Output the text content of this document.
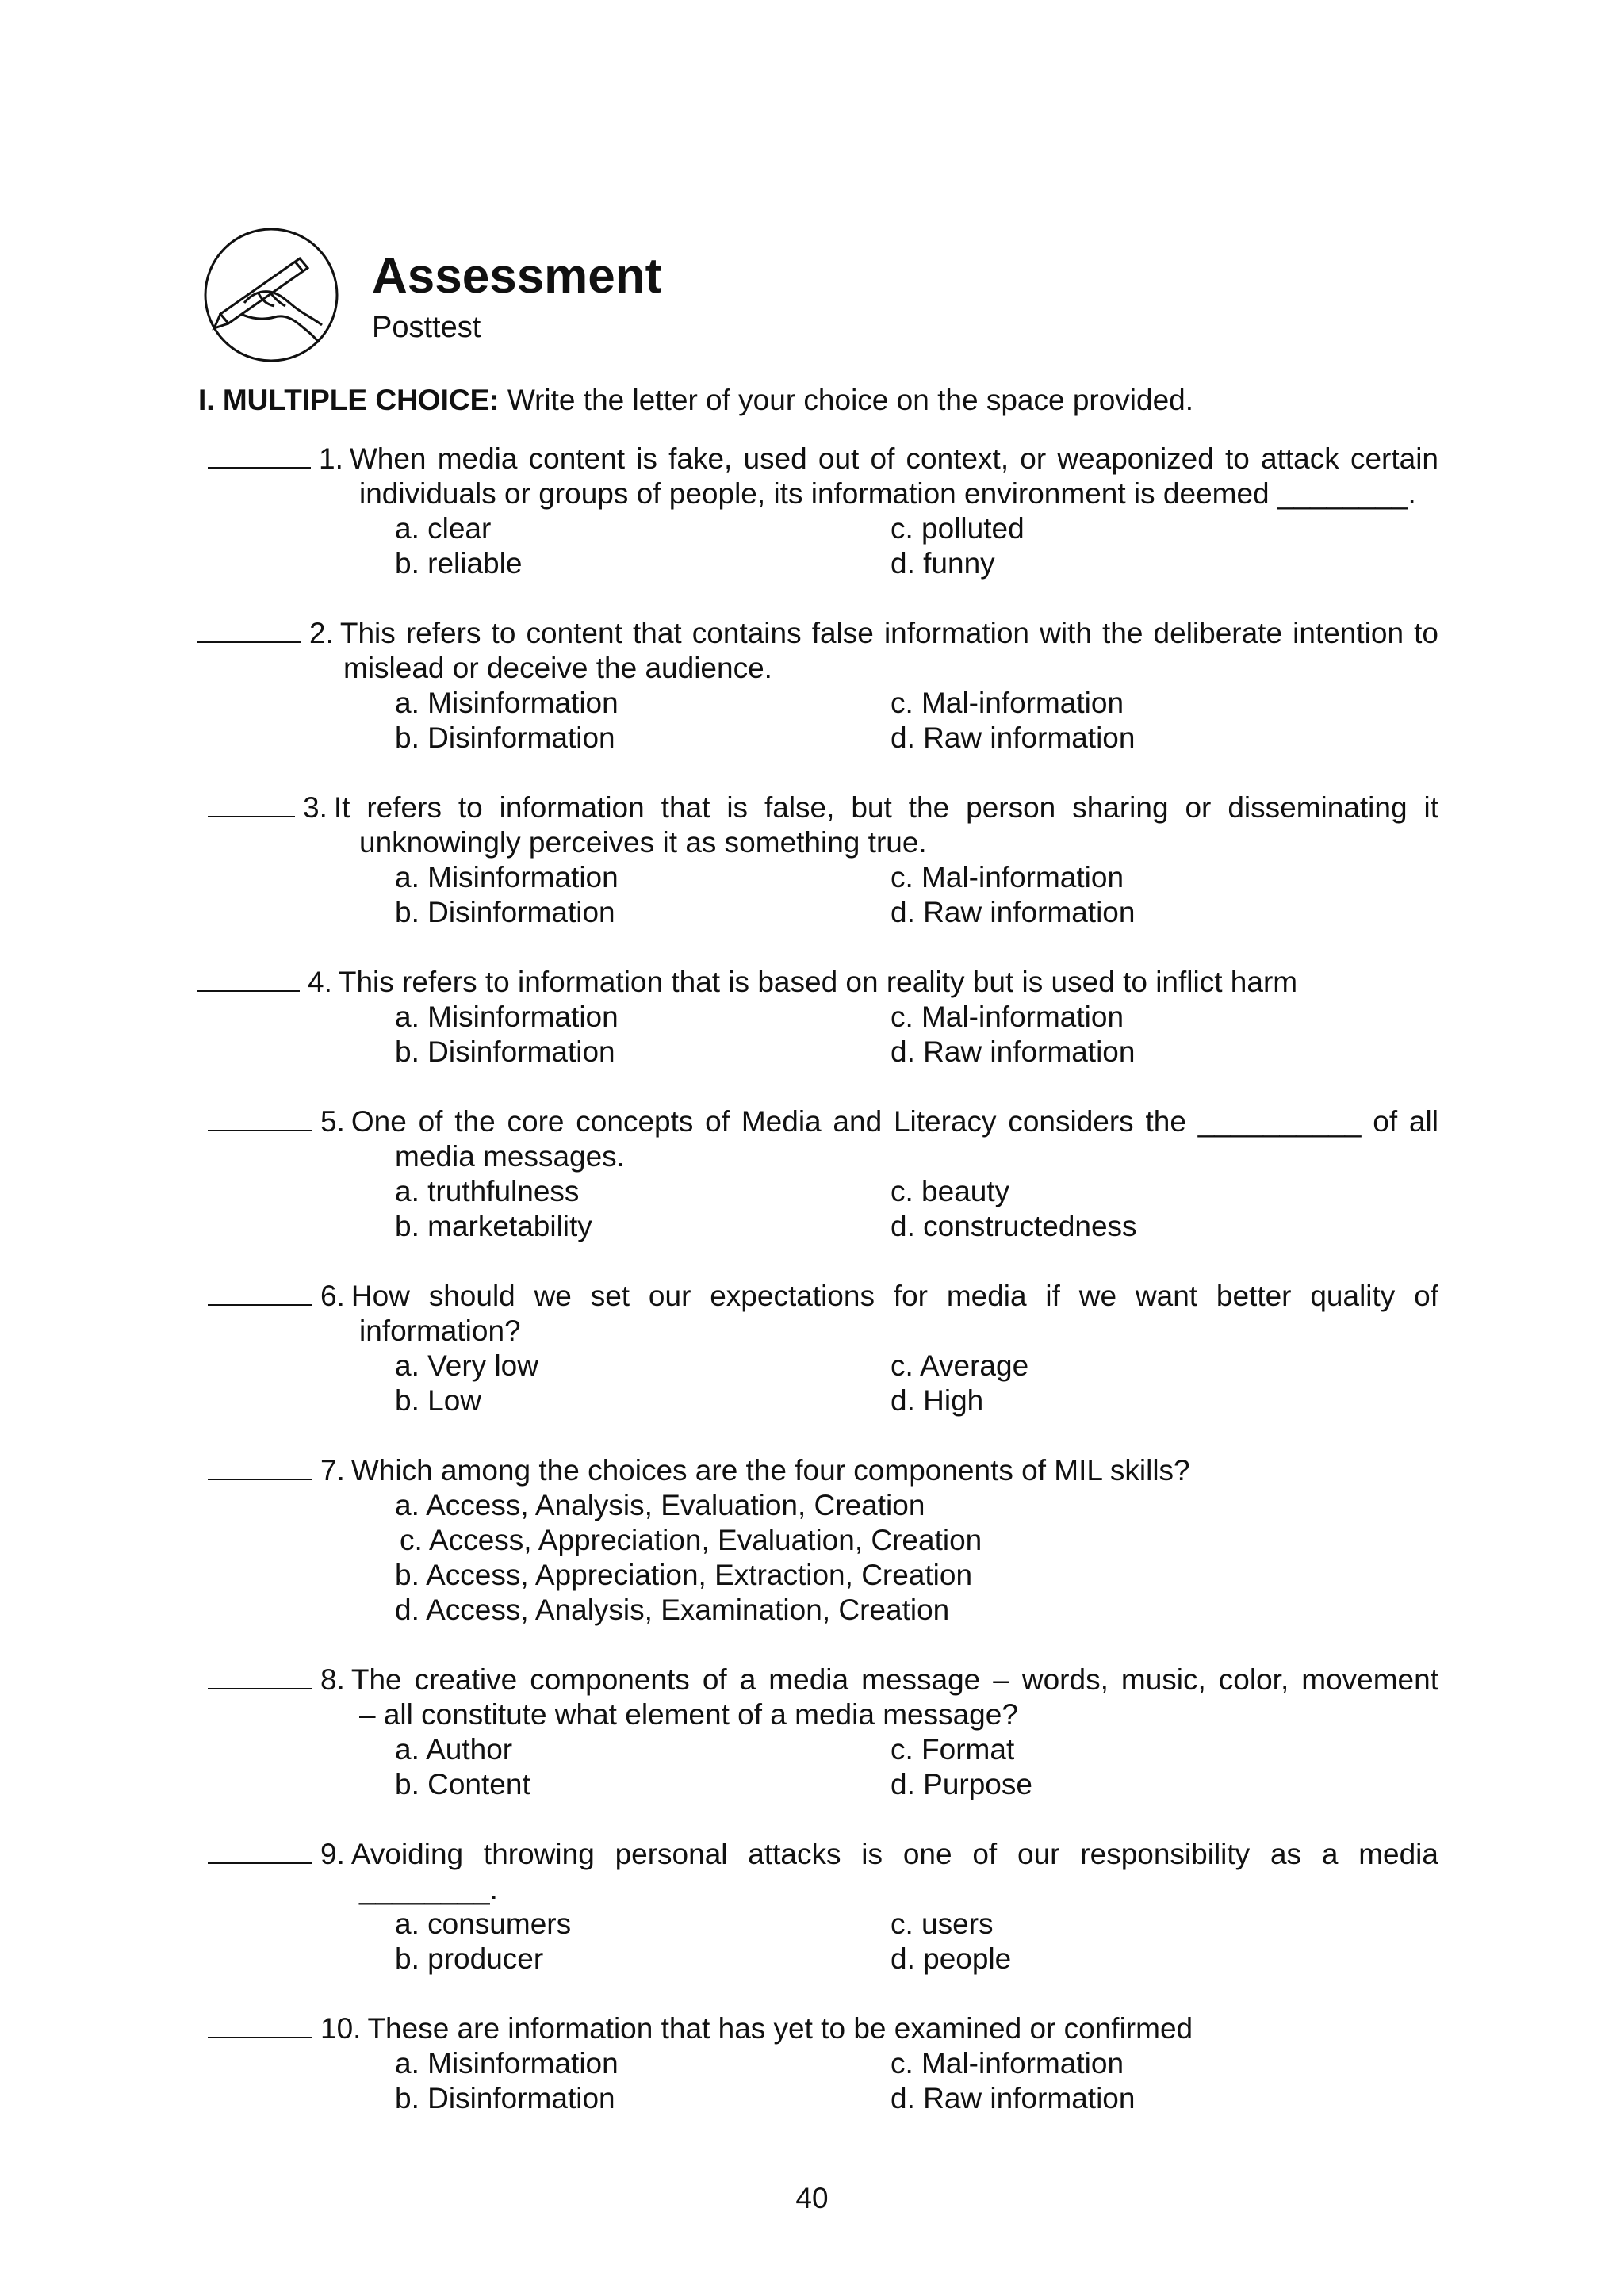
Assessment
Posttest
I. MULTIPLE CHOICE: Write the letter of your choice on the space provided.
1. When media content is fake, used out of context, or weaponized to attack certain
individuals or groups of people, its information environment is deemed ________.
a. clear	c. polluted
b. reliable	d. funny
2. This refers to content that contains false information with the deliberate intention to
mislead or deceive the audience.
a. Misinformation	c. Mal-information
b. Disinformation	d. Raw information
3. It refers to information that is false, but the person sharing or disseminating it
unknowingly perceives it as something true.
a. Misinformation	c. Mal-information
b. Disinformation	d. Raw information
4. This refers to information that is based on reality but is used to inflict harm
a. Misinformation	c. Mal-information
b. Disinformation	d. Raw information
5. One of the core concepts of Media and Literacy considers the __________ of all
media messages.
a. truthfulness	c. beauty
b. marketability	d. constructedness
6. How should we set our expectations for media if we want better quality of
information?
a. Very low	c. Average
b. Low	d. High
7. Which among the choices are the four components of MIL skills?
a. Access, Analysis, Evaluation, Creation
c. Access, Appreciation, Evaluation, Creation
b. Access, Appreciation, Extraction, Creation
d. Access, Analysis, Examination, Creation
8. The creative components of a media message – words, music, color, movement
– all constitute what element of a media message?
a. Author	c. Format
b. Content	d. Purpose
9. Avoiding throwing personal attacks is one of our responsibility as a media
________.
a. consumers	c. users
b. producer	d. people
10. These are information that has yet to be examined or confirmed
a. Misinformation	c. Mal-information
b. Disinformation	d. Raw information
40
